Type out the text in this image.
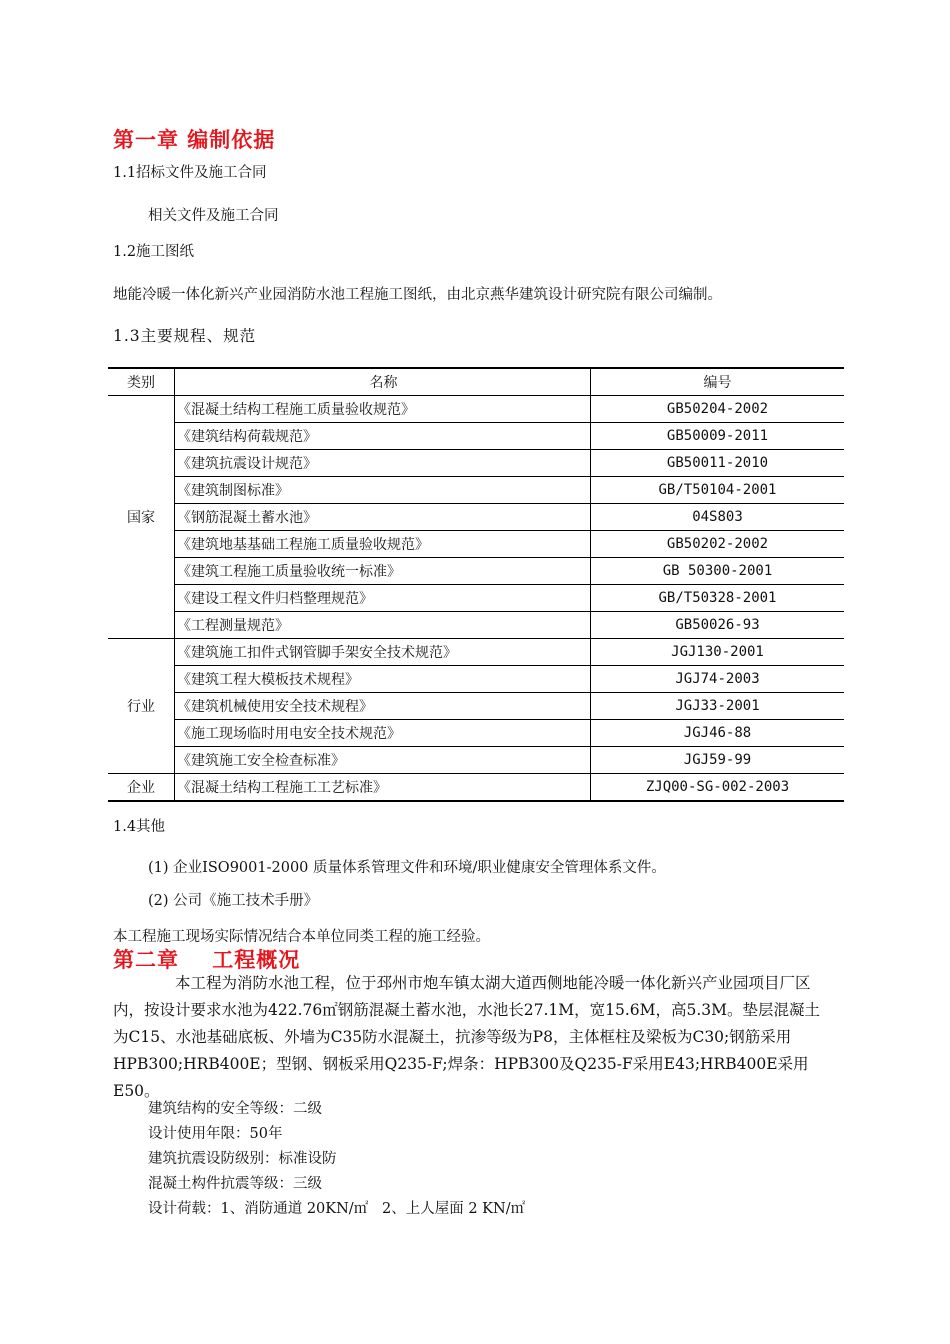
第一章 编制依据
1.1招标文件及施工合同
相关文件及施工合同
1.2施工图纸
地能冷暖一体化新兴产业园消防水池工程施工图纸，由北京燕华建筑设计研究院有限公司编制。
1.3主要规程、规范
类别	名称	编号
国家	《混凝土结构工程施工质量验收规范》	GB50204-2002
	《建筑结构荷载规范》	GB50009-2011
	《建筑抗震设计规范》	GB50011-2010
	《建筑制图标准》	GB/T50104-2001
	《钢筋混凝土蓄水池》	04S803
	《建筑地基基础工程施工质量验收规范》	GB50202-2002
	《建筑工程施工质量验收统一标准》	GB 50300-2001
	《建设工程文件归档整理规范》	GB/T50328-2001
	《工程测量规范》	GB50026-93
行业	《建筑施工扣件式钢管脚手架安全技术规范》	JGJ130-2001
	《建筑工程大模板技术规程》	JGJ74-2003
	《建筑机械使用安全技术规程》	JGJ33-2001
	《施工现场临时用电安全技术规范》	JGJ46-88
	《建筑施工安全检查标准》	JGJ59-99
企业	《混凝土结构工程施工工艺标准》	ZJQ00-SG-002-2003
1.4其他
(1) 企业ISO9001-2000 质量体系管理文件和环境/职业健康安全管理体系文件。
(2) 公司《施工技术手册》
本工程施工现场实际情况结合本单位同类工程的施工经验。
第二章    工程概况
本工程为消防水池工程，位于邳州市炮车镇太湖大道西侧地能冷暖一体化新兴产业园项目厂区内，按设计要求水池为422.76㎡钢筋混凝土蓄水池，水池长27.1M，宽15.6M，高5.3M。垫层混凝土为C15、水池基础底板、外墙为C35防水混凝土，抗渗等级为P8，主体框柱及梁板为C30;钢筋采用HPB300;HRB400E；型钢、钢板采用Q235-F;焊条：HPB300及Q235-F采用E43;HRB400E采用E50。
建筑结构的安全等级：二级
设计使用年限：50年
建筑抗震设防级别：标准设防
混凝土构件抗震等级：三级
设计荷载：1、消防通道 20KN/㎡   2、上人屋面 2 KN/㎡
